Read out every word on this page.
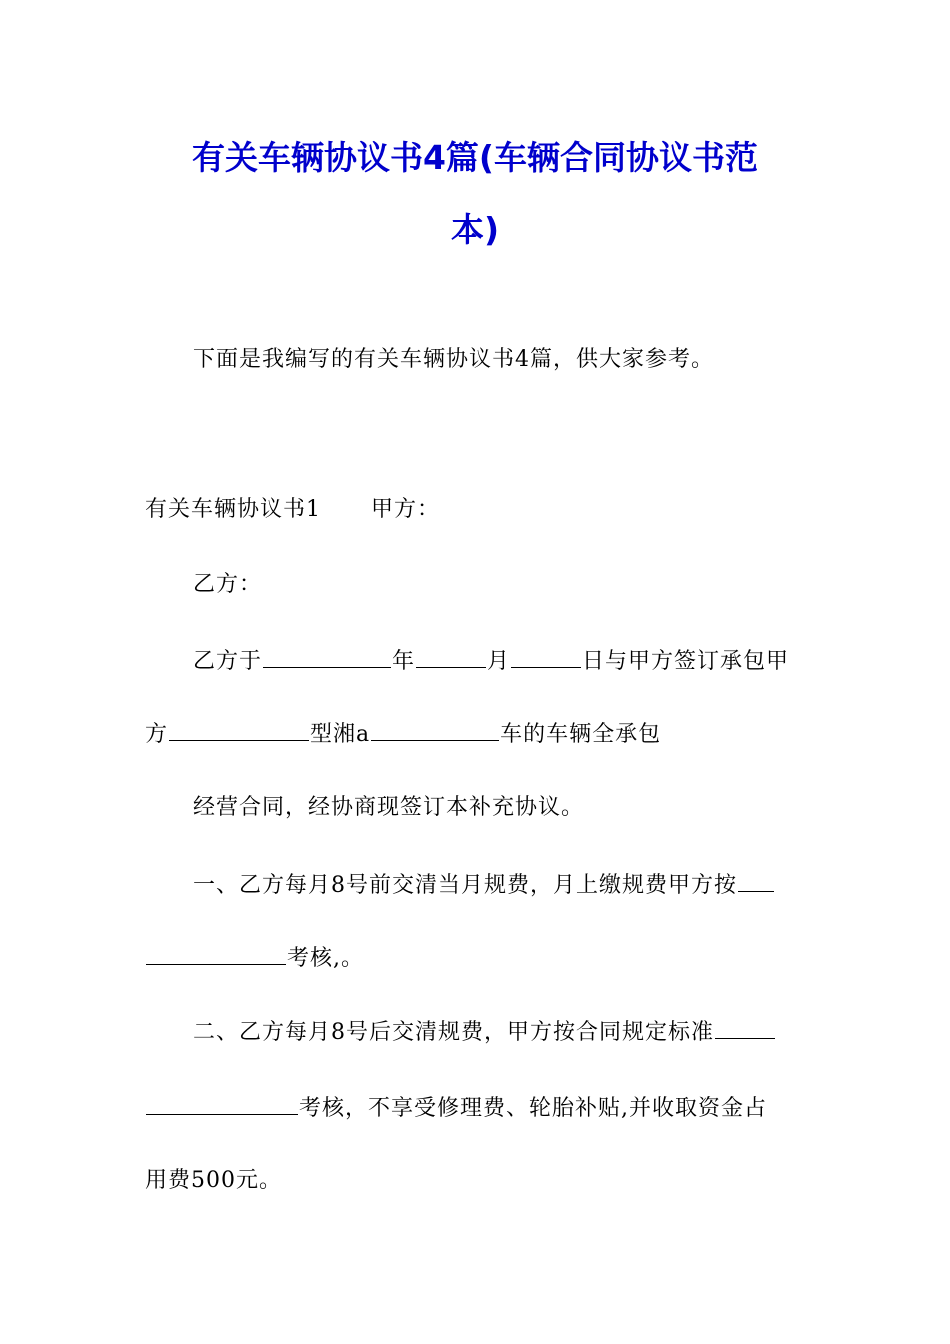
有关车辆协议书4篇(车辆合同协议书范
本)
下面是我编写的有关车辆协议书4篇，供大家参考。
有关车辆协议书1 甲方：
乙方：
乙方于	年	月	日与甲方签订承包甲
方	型湘a	车的车辆全承包
经营合同，经协商现签订本补充协议。
一、乙方每月8号前交清当月规费，月上缴规费甲方按
考核,。
二、乙方每月8号后交清规费，甲方按合同规定标准
考核，不享受修理费、轮胎补贴,并收取资金占
用费500元。
